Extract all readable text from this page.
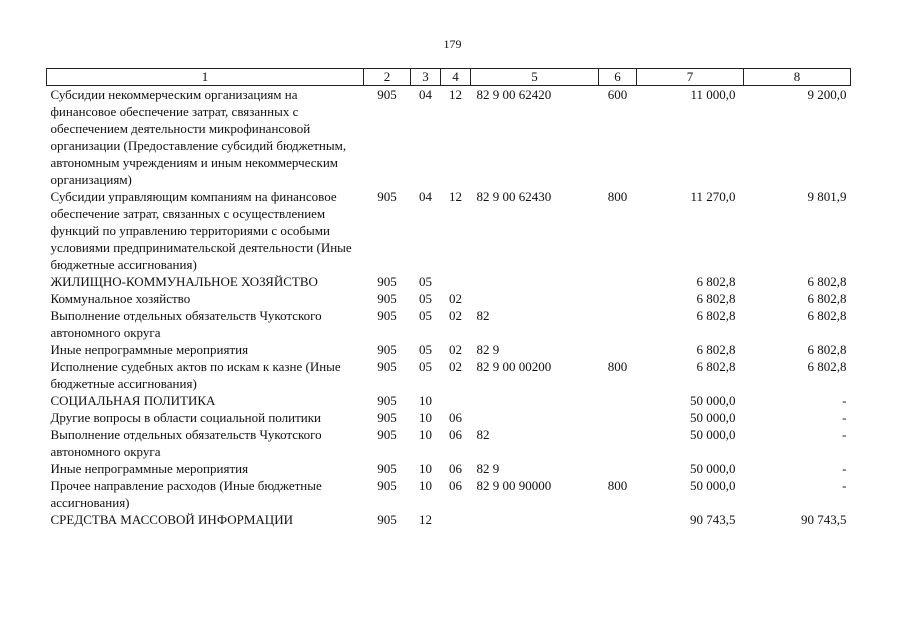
179
1	2	3	4	5	6	7	8
Субсидии некоммерческим организациям на финансовое обеспечение затрат, связанных с обеспечением деятельности микрофинансовой организации (Предоставление субсидий бюджетным, автономным учреждениям и иным некоммерческим организациям)	905	04	12	82 9 00 62420	600	11 000,0	9 200,0
Субсидии управляющим компаниям на финансовое обеспечение затрат, связанных с осуществлением функций по управлению территориями с особыми условиями предпринимательской деятельности (Иные бюджетные ассигнования)	905	04	12	82 9 00 62430	800	11 270,0	9 801,9
ЖИЛИЩНО-КОММУНАЛЬНОЕ ХОЗЯЙСТВО	905	05				6 802,8	6 802,8
Коммунальное хозяйство	905	05	02			6 802,8	6 802,8
Выполнение отдельных обязательств Чукотского автономного округа	905	05	02	82		6 802,8	6 802,8
Иные непрограммные мероприятия	905	05	02	82 9		6 802,8	6 802,8
Исполнение судебных актов по искам к казне (Иные бюджетные ассигнования)	905	05	02	82 9 00 00200	800	6 802,8	6 802,8
СОЦИАЛЬНАЯ ПОЛИТИКА	905	10				50 000,0	-
Другие вопросы в области социальной политики	905	10	06			50 000,0	-
Выполнение отдельных обязательств Чукотского автономного округа	905	10	06	82		50 000,0	-
Иные непрограммные мероприятия	905	10	06	82 9		50 000,0	-
Прочее направление расходов (Иные бюджетные ассигнования)	905	10	06	82 9 00 90000	800	50 000,0	-
СРЕДСТВА МАССОВОЙ ИНФОРМАЦИИ	905	12				90 743,5	90 743,5
